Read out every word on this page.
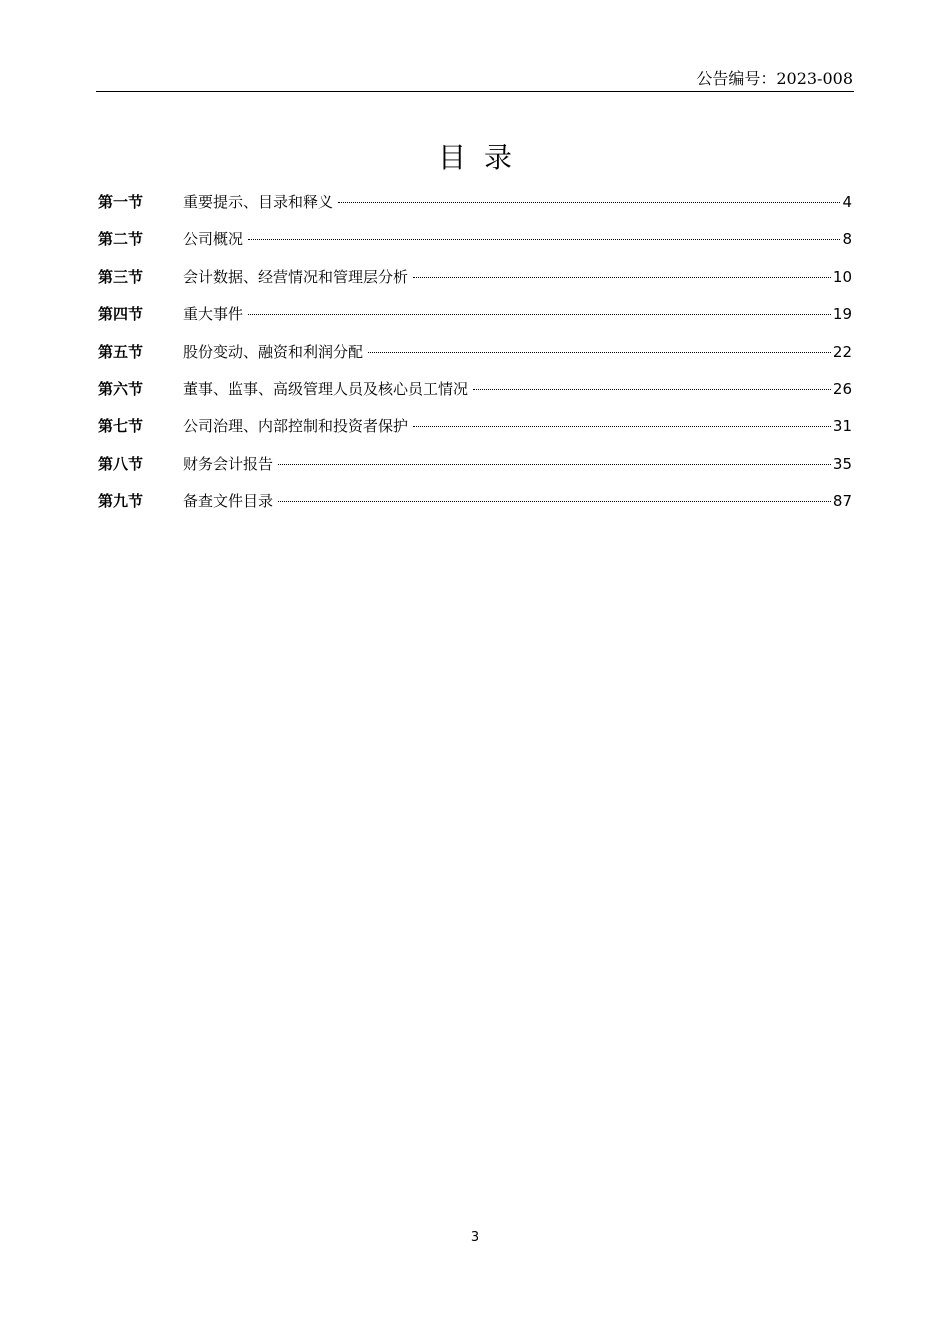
公告编号：2023-008
目录
第一节	重要提示、目录和释义	4
第二节	公司概况	8
第三节	会计数据、经营情况和管理层分析	10
第四节	重大事件	19
第五节	股份变动、融资和利润分配	22
第六节	董事、监事、高级管理人员及核心员工情况	26
第七节	公司治理、内部控制和投资者保护	31
第八节	财务会计报告	35
第九节	备查文件目录	87
3
